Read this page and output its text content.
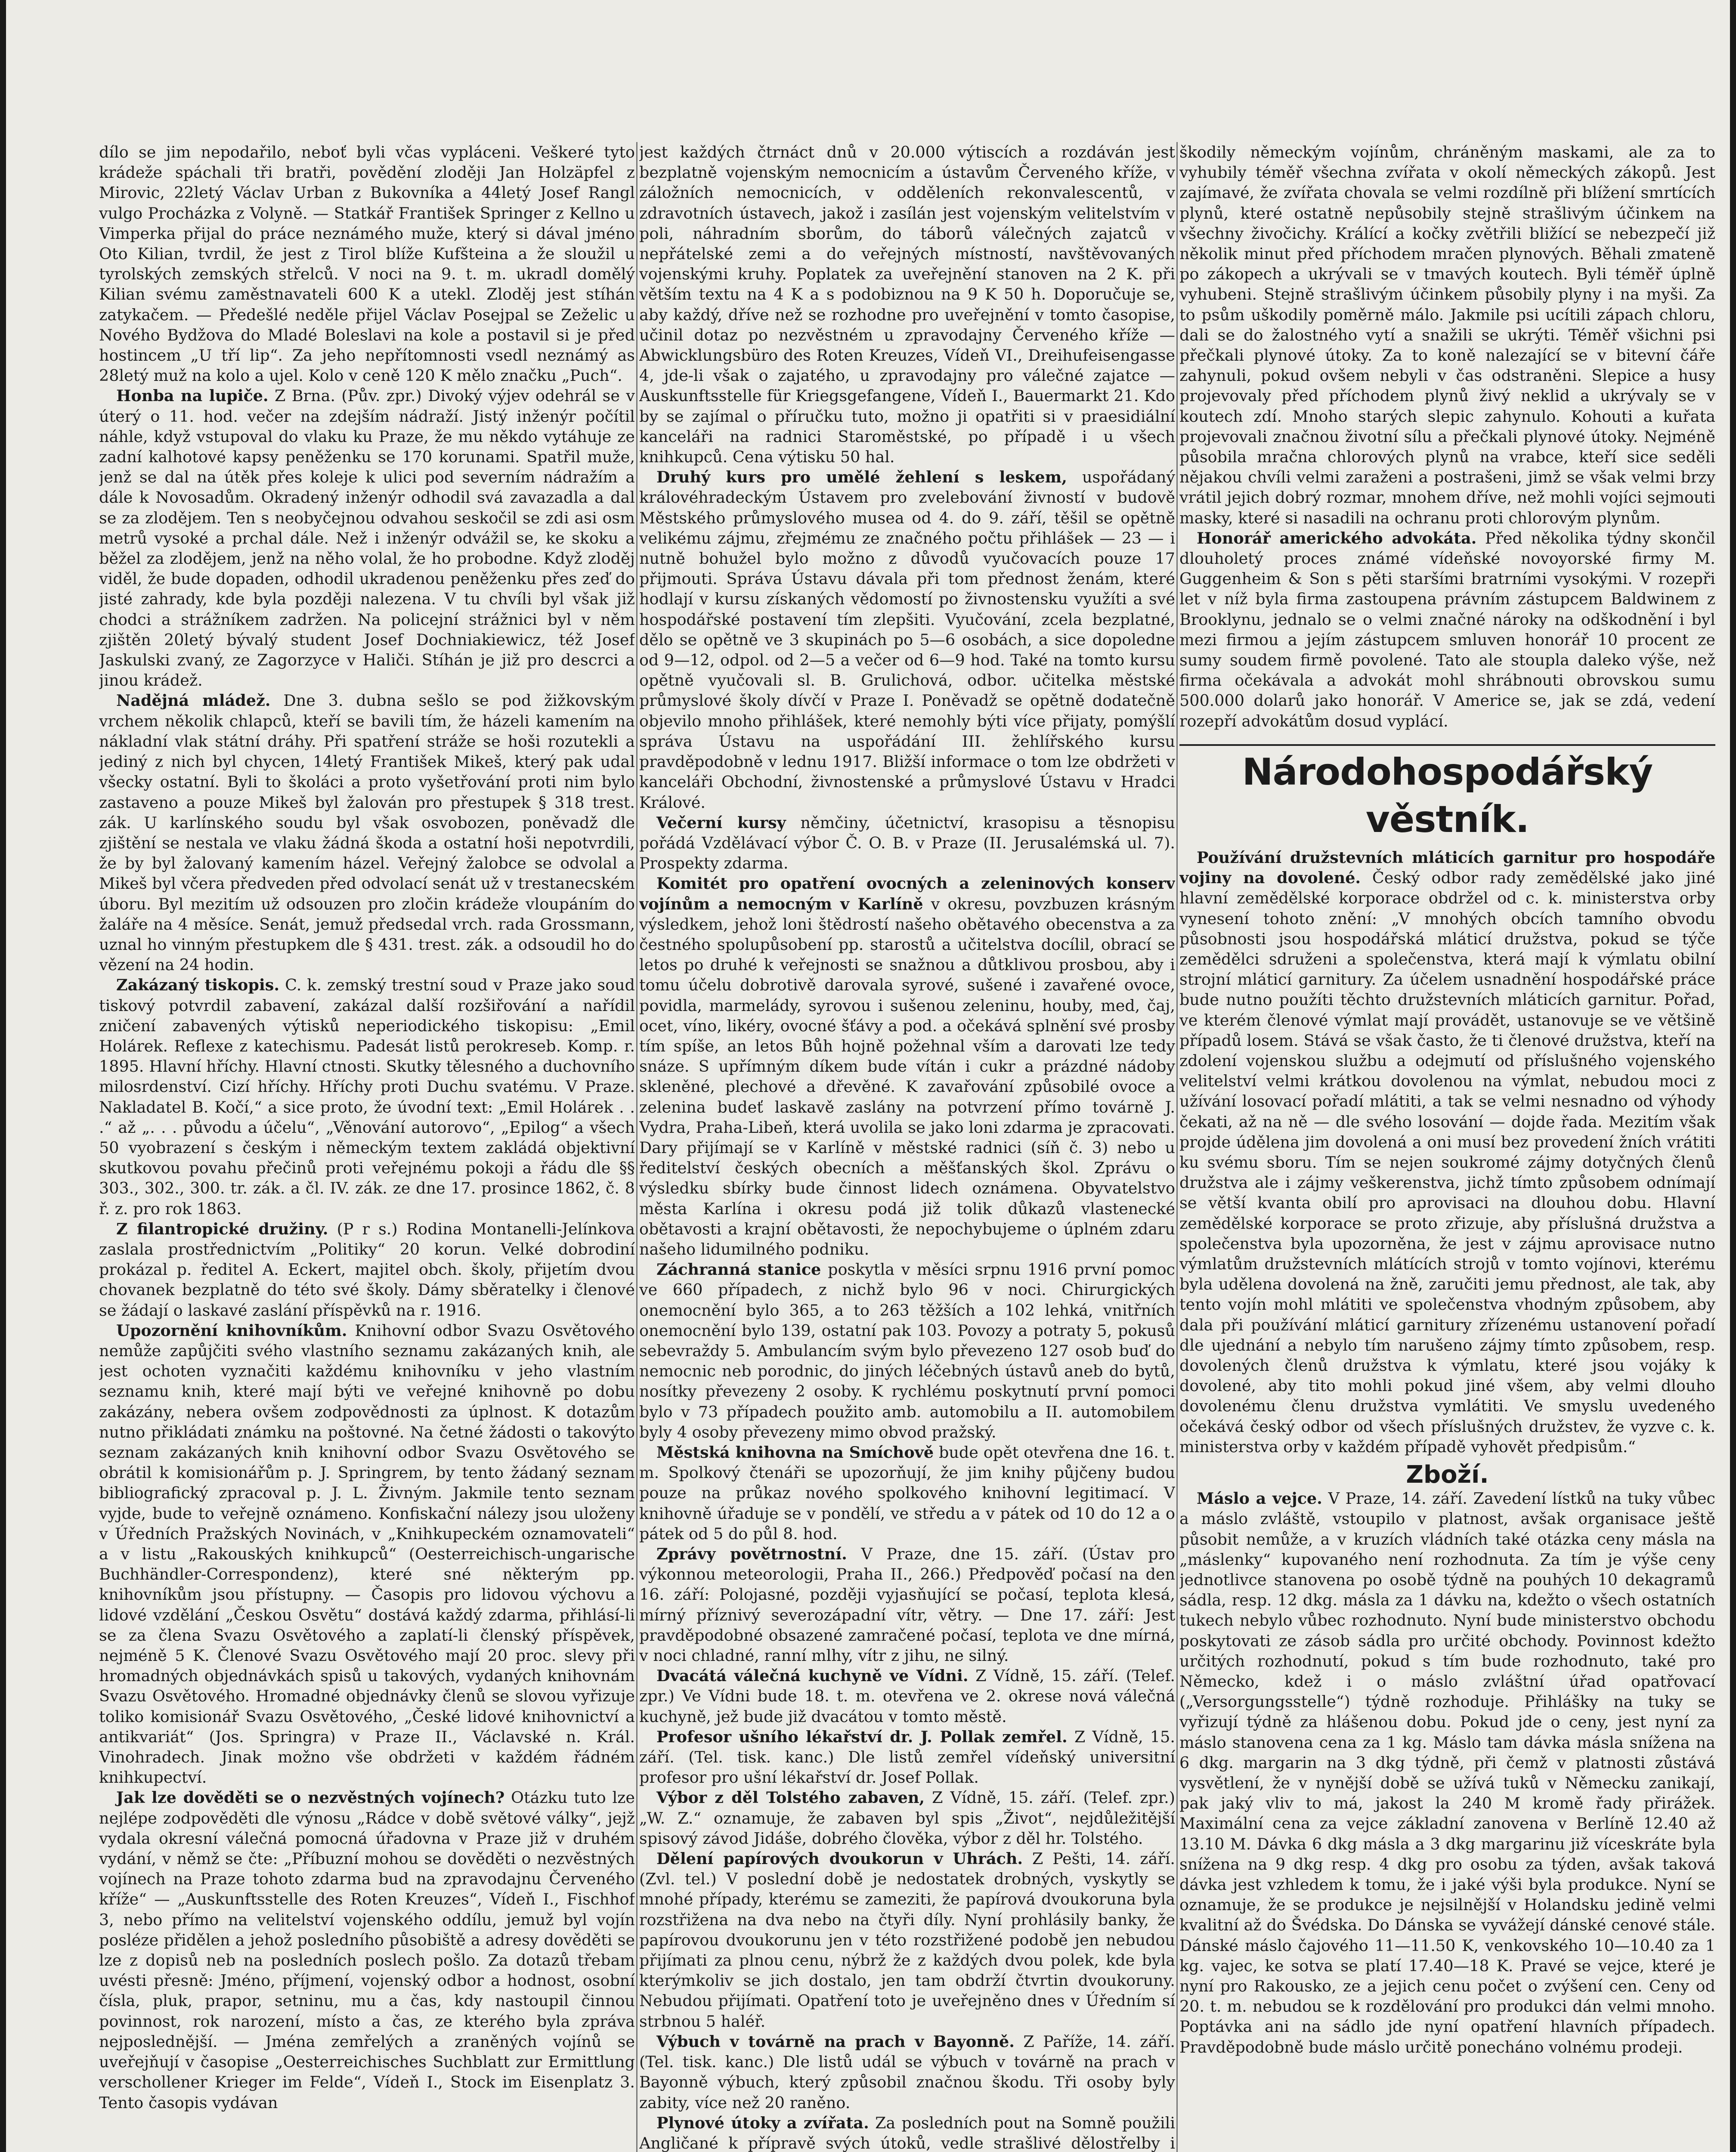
dílo se jim nepodařilo, neboť byli včas vypláceni. Veškeré tyto krádeže spáchali tři bratři, povědění zloději Jan Holzäpfel z Mirovic, 22letý Václav Urban z Bukovníka a 44letý Josef Rangl vulgo Procházka z Volyně. — Statkář František Springer z Kellno u Vimperka přijal do práce neznámého muže, který si dával jméno Oto Kilian, tvrdil, že jest z Tirol blíže Kufšteina a že sloužil u tyrolských zemských střelců. V noci na 9. t. m. ukradl domělý Kilian svému zaměstnavateli 600 K a utekl. Zloděj jest stíhán zatykačem. — Předešlé neděle přijel Václav Posejpal se Zeželic u Nového Bydžova do Mladé Boleslavi na kole a postavil si je před hostincem „U tří lip“. Za jeho nepřítomnosti vsedl neznámý as 28letý muž na kolo a ujel. Kolo v ceně 120 K mělo značku „Puch“.

Honba na lupiče. Z Brna. (Pův. zpr.) Divoký výjev odehrál se v úterý o 11. hod. večer na zdejším nádraží. Jistý inženýr počítil náhle, když vstupoval do vlaku ku Praze, že mu někdo vytáhuje ze zadní kalhotové kapsy peněženku se 170 korunami. Spatřil muže, jenž se dal na útěk přes koleje k ulici pod severním nádražím a dále k Novosadům. Okradený inženýr odhodil svá zavazadla a dal se za zlodějem. Ten s neobyčejnou odvahou seskočil se zdi asi osm metrů vysoké a prchal dále. Než i inženýr odvážil se, ke skoku a běžel za zlodějem, jenž na něho volal, že ho probodne. Když zloděj viděl, že bude dopaden, odhodil ukradenou peněženku přes zeď do jisté zahrady, kde byla později nalezena. V tu chvíli byl však již chodci a strážníkem zadržen. Na policejní strážnici byl v něm zjištěn 20letý bývalý student Josef Dochniakiewicz, též Josef Jaskulski zvaný, ze Zagorzyce v Haliči. Stíhán je již pro descrci a jinou krádež.

Nadějná mládež. Dne 3. dubna sešlo se pod žižkovským vrchem několik chlapců, kteří se bavili tím, že házeli kamením na nákladní vlak státní dráhy. Při spatření stráže se hoši rozutekli a jediný z nich byl chycen, 14letý František Mikeš, který pak udal všecky ostatní. Byli to školáci a proto vyšetřování proti nim bylo zastaveno a pouze Mikeš byl žalován pro přestupek § 318 trest. zák. U karlínského soudu byl však osvobozen, poněvadž dle zjištění se nestala ve vlaku žádná škoda a ostatní hoši nepotvrdili, že by byl žalovaný kamením házel. Veřejný žalobce se odvolal a Mikeš byl včera předveden před odvolací senát už v trestanecském úboru. Byl mezitím už odsouzen pro zločin krádeže vloupáním do žaláře na 4 měsíce. Senát, jemuž předsedal vrch. rada Grossmann, uznal ho vinným přestupkem dle § 431. trest. zák. a odsoudil ho do vězení na 24 hodin.

Zakázaný tiskopis. C. k. zemský trestní soud v Praze jako soud tiskový potvrdil zabavení, zakázal další rozšiřování a nařídil zničení zabavených výtisků neperiodického tiskopisu: „Emil Holárek. Reflexe z katechismu. Padesát listů perokreseb. Komp. r. 1895. Hlavní hříchy. Hlavní ctnosti. Skutky tělesného a duchovního milosrdenství. Cizí hříchy. Hříchy proti Duchu svatému. V Praze. Nakladatel B. Kočí,“ a sice proto, že úvodní text: „Emil Holárek . . .“ až „. . . původu a účelu“, „Věnování autorovo“, „Epilog“ a všech 50 vyobrazení s českým i německým textem zakládá objektivní skutkovou povahu přečinů proti veřejnému pokoji a řádu dle §§ 303., 302., 300. tr. zák. a čl. IV. zák. ze dne 17. prosince 1862, č. 8 ř. z. pro rok 1863.

Z filantropické družiny. (P r s.) Rodina Montanelli-Jelínkova zaslala prostřednictvím „Politiky“ 20 korun. Velké dobrodiní prokázal p. ředitel A. Eckert, majitel obch. školy, přijetím dvou chovanek bezplatně do této své školy. Dámy sběratelky i členové se žádají o laskavé zaslání příspěvků na r. 1916.

Upozornění knihovníkům. Knihovní odbor Svazu Osvětového nemůže zapůjčiti svého vlastního seznamu zakázaných knih, ale jest ochoten vyznačiti každému knihovníku v jeho vlastním seznamu knih, které mají býti ve veřejné knihovně po dobu zakázány, nebera ovšem zodpovědnosti za úplnost. K dotazům nutno přikládati známku na poštovné. Na četné žádosti o takovýto seznam zakázaných knih knihovní odbor Svazu Osvětového se obrátil k komisionářům p. J. Springrem, by tento žádaný seznam bibliografický zpracoval p. J. L. Živným. Jakmile tento seznam vyjde, bude to veřejně oznámeno. Konfiskační nálezy jsou uloženy v Úředních Pražských Novinách, v „Knihkupeckém oznamovateli“ a v listu „Rakouských knihkupců“ (Oesterreichisch-ungarische Buchhändler-Correspondenz), které sné některým pp. knihovníkům jsou přístupny. — Časopis pro lidovou výchovu a lidové vzdělání „Českou Osvětu“ dostává každý zdarma, přihlásí-li se za člena Svazu Osvětového a zaplatí-li členský příspěvek, nejméně 5 K. Členové Svazu Osvětového mají 20 proc. slevy při hromadných objednávkách spisů u takových, vydaných knihovnám Svazu Osvětového. Hromadné objednávky členů se slovou vyřizuje toliko komisionář Svazu Osvětového, „České lidové knihovnictví a antikvariát“ (Jos. Springra) v Praze II., Václavské n. Král. Vinohradech. Jinak možno vše obdržeti v každém řádném knihkupectví.

Jak lze dověděti se o nezvěstných vojínech? Otázku tuto lze nejlépe zodpověděti dle výnosu „Rádce v době světové války“, jejž vydala okresní válečná pomocná úřadovna v Praze již v druhém vydání, v němž se čte: „Příbuzní mohou se dověděti o nezvěstných vojínech na Praze tohoto zdarma bud na zpravodajnu Červeného kříže“ — „Auskunftsstelle des Roten Kreuzes“, Vídeň I., Fischhof 3, nebo přímo na velitelství vojenského oddílu, jemuž byl vojín posléze přidělen a jehož posledního působiště a adresy dověděti se lze z dopisů neb na posledních poslech pošlo. Za dotazů třebam uvésti přesně: Jméno, příjmení, vojenský odbor a hodnost, osobní čísla, pluk, prapor, setninu, mu a čas, kdy nastoupil činnou povinnost, rok narození, místo a čas, ze kterého byla zpráva nejposlednější. — Jména zemřelých a zraněných vojínů se uveřejňují v časopise „Oesterreichisches Suchblatt zur Ermittlung verschollener Krieger im Felde“, Vídeň I., Stock im Eisenplatz 3. Tento časopis vydávan

jest každých čtrnáct dnů v 20.000 výtiscích a rozdáván jest bezplatně vojenským nemocnicím a ústavům Červeného kříže, v záložních nemocnicích, v odděleních rekonvalescentů, v zdravotních ústavech, jakož i zasílán jest vojenským velitelstvím v poli, náhradním sborům, do táborů válečných zajatců v nepřátelské zemi a do veřejných místností, navštěvovaných vojenskými kruhy. Poplatek za uveřejnění stanoven na 2 K. při větším textu na 4 K a s podobiznou na 9 K 50 h. Doporučuje se, aby každý, dříve než se rozhodne pro uveřejnění v tomto časopise, učinil dotaz po nezvěstném u zpravodajny Červeného kříže — Abwicklungsbüro des Roten Kreuzes, Vídeň VI., Dreihufeisengasse 4, jde-li však o zajatého, u zpravodajny pro válečné zajatce — Auskunftsstelle für Kriegsgefangene, Vídeň I., Bauermarkt 21. Kdo by se zajímal o příručku tuto, možno ji opatřiti si v praesidiální kanceláři na radnici Staroměstské, po případě i u všech knihkupců. Cena výtisku 50 hal.

Druhý kurs pro umělé žehlení s leskem, uspořádaný královéhradeckým Ústavem pro zvelebování živností v budově Městského průmyslového musea od 4. do 9. září, těšil se opětně velikému zájmu, zřejmému ze značného počtu přihlášek — 23 — i nutně bohužel bylo možno z důvodů vyučovacích pouze 17 přijmouti. Správa Ústavu dávala při tom přednost ženám, které hodlají v kursu získaných vědomostí po živnostensku využíti a své hospodářské postavení tím zlepšiti. Vyučování, zcela bezplatné, dělo se opětně ve 3 skupinách po 5—6 osobách, a sice dopoledne od 9—12, odpol. od 2—5 a večer od 6—9 hod. Také na tomto kursu opětně vyučovali sl. B. Grulichová, odbor. učitelka městské průmyslové školy dívčí v Praze I. Poněvadž se opětně dodatečně objevilo mnoho přihlášek, které nemohly býti více přijaty, pomýšlí správa Ústavu na uspořádání III. žehlířského kursu pravděpodobně v lednu 1917. Bližší informace o tom lze obdržeti v kanceláři Obchodní, živnostenské a průmyslové Ústavu v Hradci Králové.

Večerní kursy němčiny, účetnictví, krasopisu a těsnopisu pořádá Vzdělávací výbor Č. O. B. v Praze (II. Jerusalémská ul. 7). Prospekty zdarma.

Komitét pro opatření ovocných a zeleninových konserv vojínům a nemocným v Karlíně v okresu, povzbuzen krásným výsledkem, jehož loni štědrostí našeho obětavého obecenstva a za čestného spolupůsobení pp. starostů a učitelstva docílil, obrací se letos po druhé k veřejnosti se snažnou a důtklivou prosbou, aby i tomu účelu dobrotivě darovala syrové, sušené i zavařené ovoce, povidla, marmelády, syrovou i sušenou zeleninu, houby, med, čaj, ocet, víno, likéry, ovocné šťávy a pod. a očekává splnění své prosby tím spíše, an letos Bůh hojně požehnal vším a darovati lze tedy snáze. S upřímným díkem bude vítán i cukr a prázdné nádoby skleněné, plechové a dřevěné. K zavařování způsobilé ovoce a zelenina budeť laskavě zaslány na potvrzení přímo továrně J. Vydra, Praha-Libeň, která uvolila se jako loni zdarma je zpracovati. Dary přijímají se v Karlíně v městské radnici (síň č. 3) nebo u ředitelství českých obecních a měšťanských škol. Zprávu o výsledku sbírky bude činnost lidech oznámena. Obyvatelstvo města Karlína i okresu podá již tolik důkazů vlastenecké obětavosti a krajní obětavosti, že nepochybujeme o úplném zdaru našeho lidumilného podniku.

Záchranná stanice poskytla v měsíci srpnu 1916 první pomoc ve 660 případech, z nichž bylo 96 v noci. Chirurgických onemocnění bylo 365, a to 263 těžších a 102 lehká, vnitřních onemocnění bylo 139, ostatní pak 103. Povozy a potraty 5, pokusů sebevraždy 5. Ambulancím svým bylo převezeno 127 osob buď do nemocnic neb porodnic, do jiných léčebných ústavů aneb do bytů, nosítky převezeny 2 osoby. K rychlému poskytnutí první pomoci bylo v 73 případech použito amb. automobilu a II. automobilem byly 4 osoby převezeny mimo obvod pražský.

Městská knihovna na Smíchově bude opět otevřena dne 16. t. m. Spolkový čtenáři se upozorňují, že jim knihy půjčeny budou pouze na průkaz nového spolkového knihovní legitimací. V knihovně úřaduje se v pondělí, ve středu a v pátek od 10 do 12 a o pátek od 5 do půl 8. hod.

Zprávy povětrnostní. V Praze, dne 15. září. (Ústav pro výkonnou meteorologii, Praha II., 266.) Předpověď počasí na den 16. září: Polojasné, později vyjasňující se počasí, teplota klesá, mírný příznivý severozápadní vítr, větry. — Dne 17. září: Jest pravděpodobné obsazené zamračené počasí, teplota ve dne mírná, v noci chladné, ranní mlhy, vítr z jihu, ne silný.

Dvacátá válečná kuchyně ve Vídni. Z Vídně, 15. září. (Telef. zpr.) Ve Vídni bude 18. t. m. otevřena ve 2. okrese nová válečná kuchyně, jež bude již dvacátou v tomto městě.

Profesor ušního lékařství dr. J. Pollak zemřel. Z Vídně, 15. září. (Tel. tisk. kanc.) Dle listů zemřel vídeňský universitní profesor pro ušní lékařství dr. Josef Pollak.

Výbor z děl Tolstého zabaven, Z Vídně, 15. září. (Telef. zpr.) „W. Z.“ oznamuje, že zabaven byl spis „Život“, nejdůležitější spisový závod Jidáše, dobrého člověka, výbor z děl hr. Tolstého.

Dělení papírových dvoukorun v Uhrách. Z Pešti, 14. září. (Zvl. tel.) V poslední době je nedostatek drobných, vyskytly se mnohé případy, kterému se zameziti, že papírová dvoukoruna byla rozstřižena na dva nebo na čtyři díly. Nyní prohlásily banky, že papírovou dvoukorunu jen v této rozstřižené podobě jen nebudou přijímati za plnou cenu, nýbrž že z každých dvou polek, kde byla kterýmkoliv se jich dostalo, jen tam obdrží čtvrtin dvoukoruny. Nebudou přijímati. Opatření toto je uveřejněno dnes v Úředním sí strbnou 5 haléř.

Výbuch v továrně na prach v Bayonně. Z Paříže, 14. září. (Tel. tisk. kanc.) Dle listů udál se výbuch v továrně na prach v Bayonně výbuch, který způsobil značnou škodu. Tři osoby byly zabity, více než 20 raněno.

Plynové útoky a zvířata. Za posledních pout na Somně použili Angličané k přípravě svých útoků, vedle strašlivé dělostřelby i

škodily německým vojínům, chráněným maskami, ale za to vyhubily téměř všechna zvířata v okolí německých zákopů. Jest zajímavé, že zvířata chovala se velmi rozdílně při blížení smrtících plynů, které ostatně nepůsobily stejně strašlivým účinkem na všechny živočichy. Králící a kočky zvětřili bližící se nebezpečí již několik minut před příchodem mračen plynových. Běhali zmateně po zákopech a ukrývali se v tmavých koutech. Byli téměř úplně vyhubeni. Stejně strašlivým účinkem působily plyny i na myši. Za to psům uškodily poměrně málo. Jakmile psi ucítili zápach chloru, dali se do žalostného vytí a snažili se ukrýti. Téměř všichni psi přečkali plynové útoky. Za to koně nalezající se v bitevní čáře zahynuli, pokud ovšem nebyli v čas odstraněni. Slepice a husy projevovaly před příchodem plynů živý neklid a ukrývaly se v koutech zdí. Mnoho starých slepic zahynulo. Kohouti a kuřata projevovali značnou životní sílu a přečkali plynové útoky. Nejméně působila mračna chlorových plynů na vrabce, kteří sice seděli nějakou chvíli velmi zaraženi a postrašeni, jimž se však velmi brzy vrátil jejich dobrý rozmar, mnohem dříve, než mohli vojíci sejmouti masky, které si nasadili na ochranu proti chlorovým plynům.

Honorář amerického advokáta. Před několika týdny skončil dlouholetý proces známé vídeňské novoyorské firmy M. Guggenheim & Son s pěti staršími bratrními vysokými. V rozepři let v níž byla firma zastoupena právním zástupcem Baldwinem z Brooklynu, jednalo se o velmi značné nároky na odškodnění i byl mezi firmou a jejím zástupcem smluven honorář 10 procent ze sumy soudem firmě povolené. Tato ale stoupla daleko výše, než firma očekávala a advokát mohl shrábnouti obrovskou sumu 500.000 dolarů jako honorář. V Americe se, jak se zdá, vedení rozepří advokátům dosud vyplácí.

Národohospodářský věstník.

Používání družstevních mláticích garnitur pro hospodáře vojiny na dovolené. Český odbor rady zemědělské jako jiné hlavní zemědělské korporace obdržel od c. k. ministerstva orby vynesení tohoto znění: „V mnohých obcích tamního obvodu působnosti jsou hospodářská mláticí družstva, pokud se týče zemědělci sdruženi a společenstva, která mají k výmlatu obilní strojní mláticí garnitury. Za účelem usnadnění hospodářské práce bude nutno použíti těchto družstevních mláticích garnitur. Pořad, ve kterém členové výmlat mají provádět, ustanovuje se ve většině případů losem. Stává se však často, že ti členové družstva, kteří na zdolení vojenskou službu a odejmutí od příslušného vojenského velitelství velmi krátkou dovolenou na výmlat, nebudou moci z užívání losovací pořadí mlátiti, a tak se velmi nesnadno od výhody čekati, až na ně — dle svého losování — dojde řada. Mezitím však projde údělena jim dovolená a oni musí bez provedení žních vrátiti ku svému sboru. Tím se nejen soukromé zájmy dotyčných členů družstva ale i zájmy veškerenstva, jichž tímto způsobem odnímají se větší kvanta obilí pro aprovisaci na dlouhou dobu. Hlavní zemědělské korporace se proto zřizuje, aby příslušná družstva a společenstva byla upozorněna, že jest v zájmu aprovisace nutno výmlatům družstevních mlátících strojů v tomto vojínovi, kterému byla udělena dovolená na žně, zaručiti jemu přednost, ale tak, aby tento vojín mohl mlátiti ve společenstva vhodným způsobem, aby dala při používání mláticí garnitury zřízenému ustanovení pořadí dle ujednání a nebylo tím narušeno zájmy tímto způsobem, resp. dovolených členů družstva k výmlatu, které jsou vojáky k dovolené, aby tito mohli pokud jiné všem, aby velmi dlouho dovolenému členu družstva vymlátiti. Ve smyslu uvedeného očekává český odbor od všech příslušných družstev, že vyzve c. k. ministerstva orby v každém případě vyhovět předpisům.“

Zboží.

Máslo a vejce. V Praze, 14. září. Zavedení lístků na tuky vůbec a máslo zvláště, vstoupilo v platnost, avšak organisace ještě působit nemůže, a v kruzích vládních také otázka ceny másla na „máslenky“ kupovaného není rozhodnuta. Za tím je výše ceny jednotlivce stanovena po osobě týdně na pouhých 10 dekagramů sádla, resp. 12 dkg. másla za 1 dávku na, kdežto o všech ostatních tukech nebylo vůbec rozhodnuto. Nyní bude ministerstvo obchodu poskytovati ze zásob sádla pro určité obchody. Povinnost kdežto určitých rozhodnutí, pokud s tím bude rozhodnuto, také pro Německo, kdež i o máslo zvláštní úřad opatřovací („Versorgungsstelle“) týdně rozhoduje. Přihlášky na tuky se vyřizují týdně za hlášenou dobu. Pokud jde o ceny, jest nyní za máslo stanovena cena za 1 kg. Máslo tam dávka másla snížena na 6 dkg. margarin na 3 dkg týdně, při čemž v platnosti zůstává vysvětlení, že v nynější době se užívá tuků v Německu zanikají, pak jaký vliv to má, jakost la 240 M kromě řady přirážek. Maximální cena za vejce základní zanovena v Berlíně 12.40 až 13.10 M. Dávka 6 dkg másla a 3 dkg margarinu již víceskráte byla snížena na 9 dkg resp. 4 dkg pro osobu za týden, avšak taková dávka jest vzhledem k tomu, že i jaké výši byla produkce. Nyní se oznamuje, že se produkce je nejsilnější v Holandsku jedině velmi kvalitní až do Švédska. Do Dánska se vyvážejí dánské cenové stále. Dánské máslo čajového 11—11.50 K, venkovského 10—10.40 za 1 kg. vajec, ke sotva se platí 17.40—18 K. Pravé se vejce, které je nyní pro Rakousko, ze a jejich cenu počet o zvýšení cen. Ceny od 20. t. m. nebudou se k rozdělování pro produkci dán velmi mnoho. Poptávka ani na sádlo jde nyní opatření hlavních případech. Pravděpodobně bude máslo určitě ponecháno volnému prodeji.
